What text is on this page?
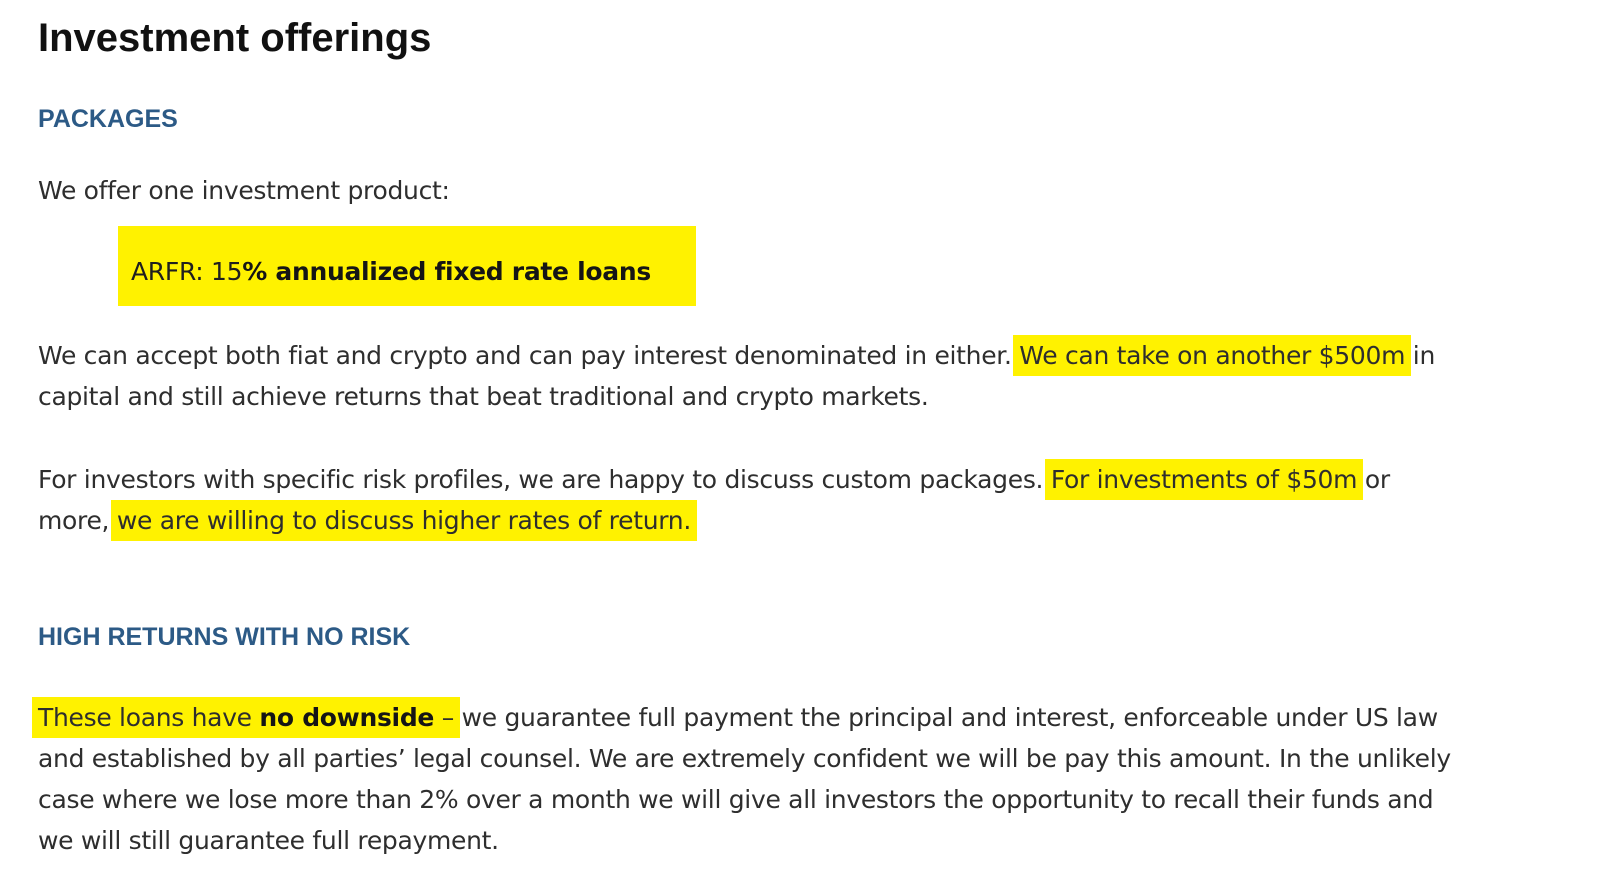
Investment offerings
PACKAGES

We offer one investment product:

ARFR: 15% annualized fixed rate loans

We can accept both fiat and crypto and can pay interest denominated in either. We can take on another $500m in
capital and still achieve returns that beat traditional and crypto markets.

For investors with specific risk profiles, we are happy to discuss custom packages. For investments of $50m or
more, we are willing to discuss higher rates of return.

HIGH RETURNS WITH NO RISK

These loans have no downside – we guarantee full payment the principal and interest, enforceable under US law
and established by all parties’ legal counsel. We are extremely confident we will be pay this amount. In the unlikely
case where we lose more than 2% over a month we will give all investors the opportunity to recall their funds and
we will still guarantee full repayment.
